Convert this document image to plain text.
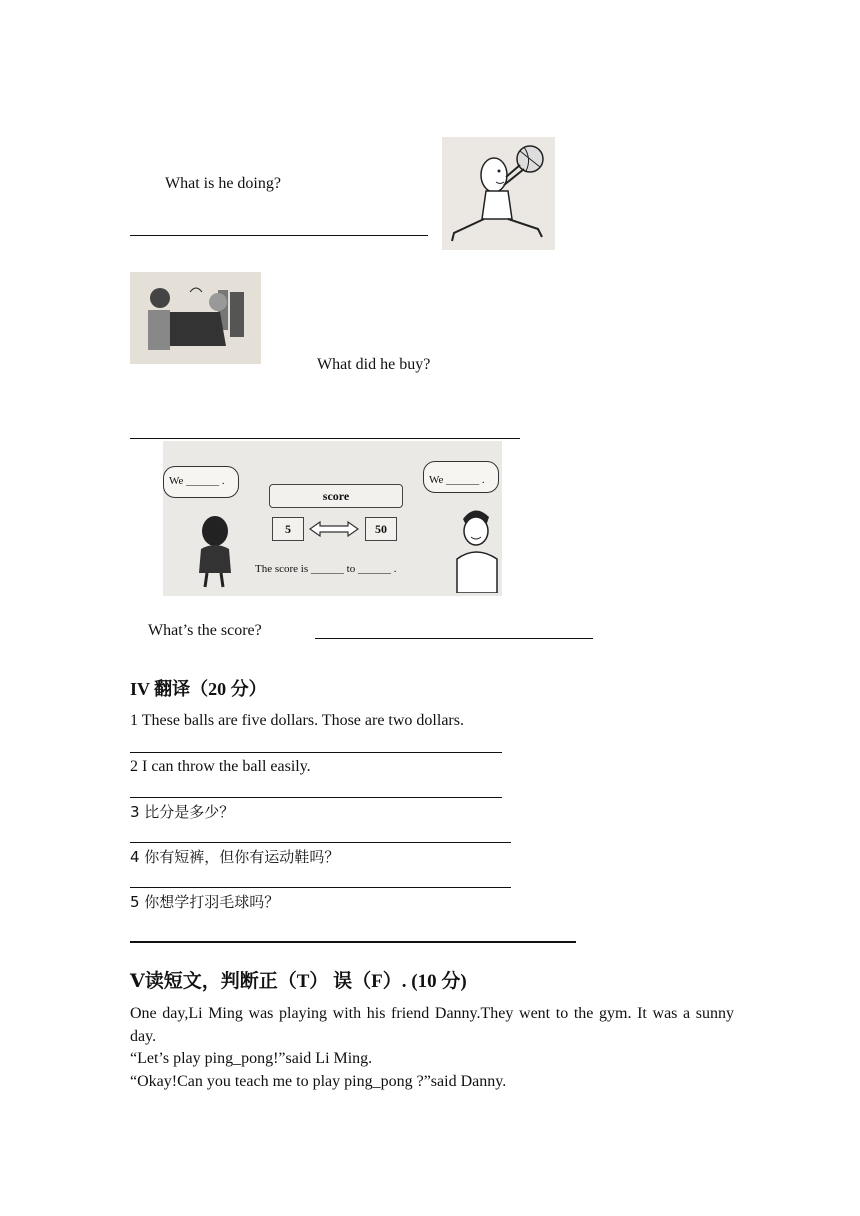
What is he doing?
What did he buy?
We ______ .	We ______ .
score
5	50
The score is ______ to ______ .
What’s the score?
IV 翻译（20 分）
1 These balls are five dollars. Those are two dollars.
2 I can throw the ball easily.
3 比分是多少？
4 你有短裤，但你有运动鞋吗？
5 你想学打羽毛球吗？
Ⅴ读短文，判断正（T） 误（F）. (10 分)
One day,Li Ming was playing with his friend Danny.They went to the gym. It was a sunny day.
“Let’s play ping_pong!”said Li Ming.
“Okay!Can you teach me to play ping_pong ?”said Danny.
